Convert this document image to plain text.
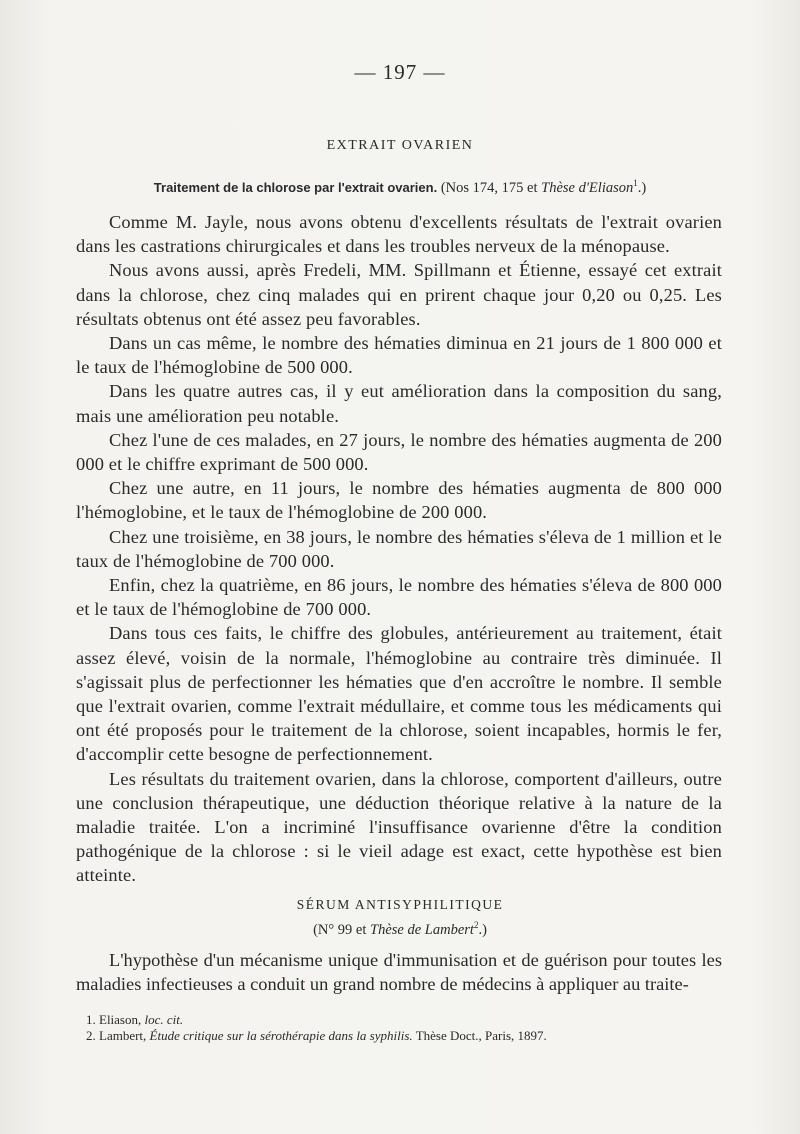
— 197 —
EXTRAIT OVARIEN
Traitement de la chlorose par l'extrait ovarien. (Nos 174, 175 et Thèse d'Eliason$^1$.)

Comme M. Jayle, nous avons obtenu d'excellents résultats de l'extrait ovarien dans les castrations chirurgicales et dans les troubles nerveux de la ménopause.

Nous avons aussi, après Fredeli, MM. Spillmann et Étienne, essayé cet extrait dans la chlorose, chez cinq malades qui en prirent chaque jour 0,20 ou 0,25. Les résultats obtenus ont été assez peu favorables.

Dans un cas même, le nombre des hématies diminua en 21 jours de 1 800 000 et le taux de l'hémoglobine de 500 000.

Dans les quatre autres cas, il y eut amélioration dans la composition du sang, mais une amélioration peu notable.

Chez l'une de ces malades, en 27 jours, le nombre des hématies augmenta de 200 000 et le chiffre exprimant de 500 000.

Chez une autre, en 11 jours, le nombre des hématies augmenta de 800 000 l'hémoglobine, et le taux de l'hémoglobine de 200 000.

Chez une troisième, en 38 jours, le nombre des hématies s'éleva de 1 million et le taux de l'hémoglobine de 700 000.

Enfin, chez la quatrième, en 86 jours, le nombre des hématies s'éleva de 800 000 et le taux de l'hémoglobine de 700 000.

Dans tous ces faits, le chiffre des globules, antérieurement au traitement, était assez élevé, voisin de la normale, l'hémoglobine au contraire très diminuée. Il s'agissait plus de perfectionner les hématies que d'en accroître le nombre. Il semble que l'extrait ovarien, comme l'extrait médullaire, et comme tous les médicaments qui ont été proposés pour le traitement de la chlorose, soient incapables, hormis le fer, d'accomplir cette besogne de perfectionnement.

Les résultats du traitement ovarien, dans la chlorose, comportent d'ailleurs, outre une conclusion thérapeutique, une déduction théorique relative à la nature de la maladie traitée. L'on a incriminé l'insuffisance ovarienne d'être la condition pathogénique de la chlorose : si le vieil adage est exact, cette hypothèse est bien atteinte.

SÉRUM ANTISYPHILITIQUE
(N° 99 et Thèse de Lambert$^2$.)

L'hypothèse d'un mécanisme unique d'immunisation et de guérison pour toutes les maladies infectieuses a conduit un grand nombre de médecins à appliquer au traite-

1. Eliason, loc. cit.
2. Lambert, Étude critique sur la sérothérapie dans la syphilis. Thèse Doct., Paris, 1897.
